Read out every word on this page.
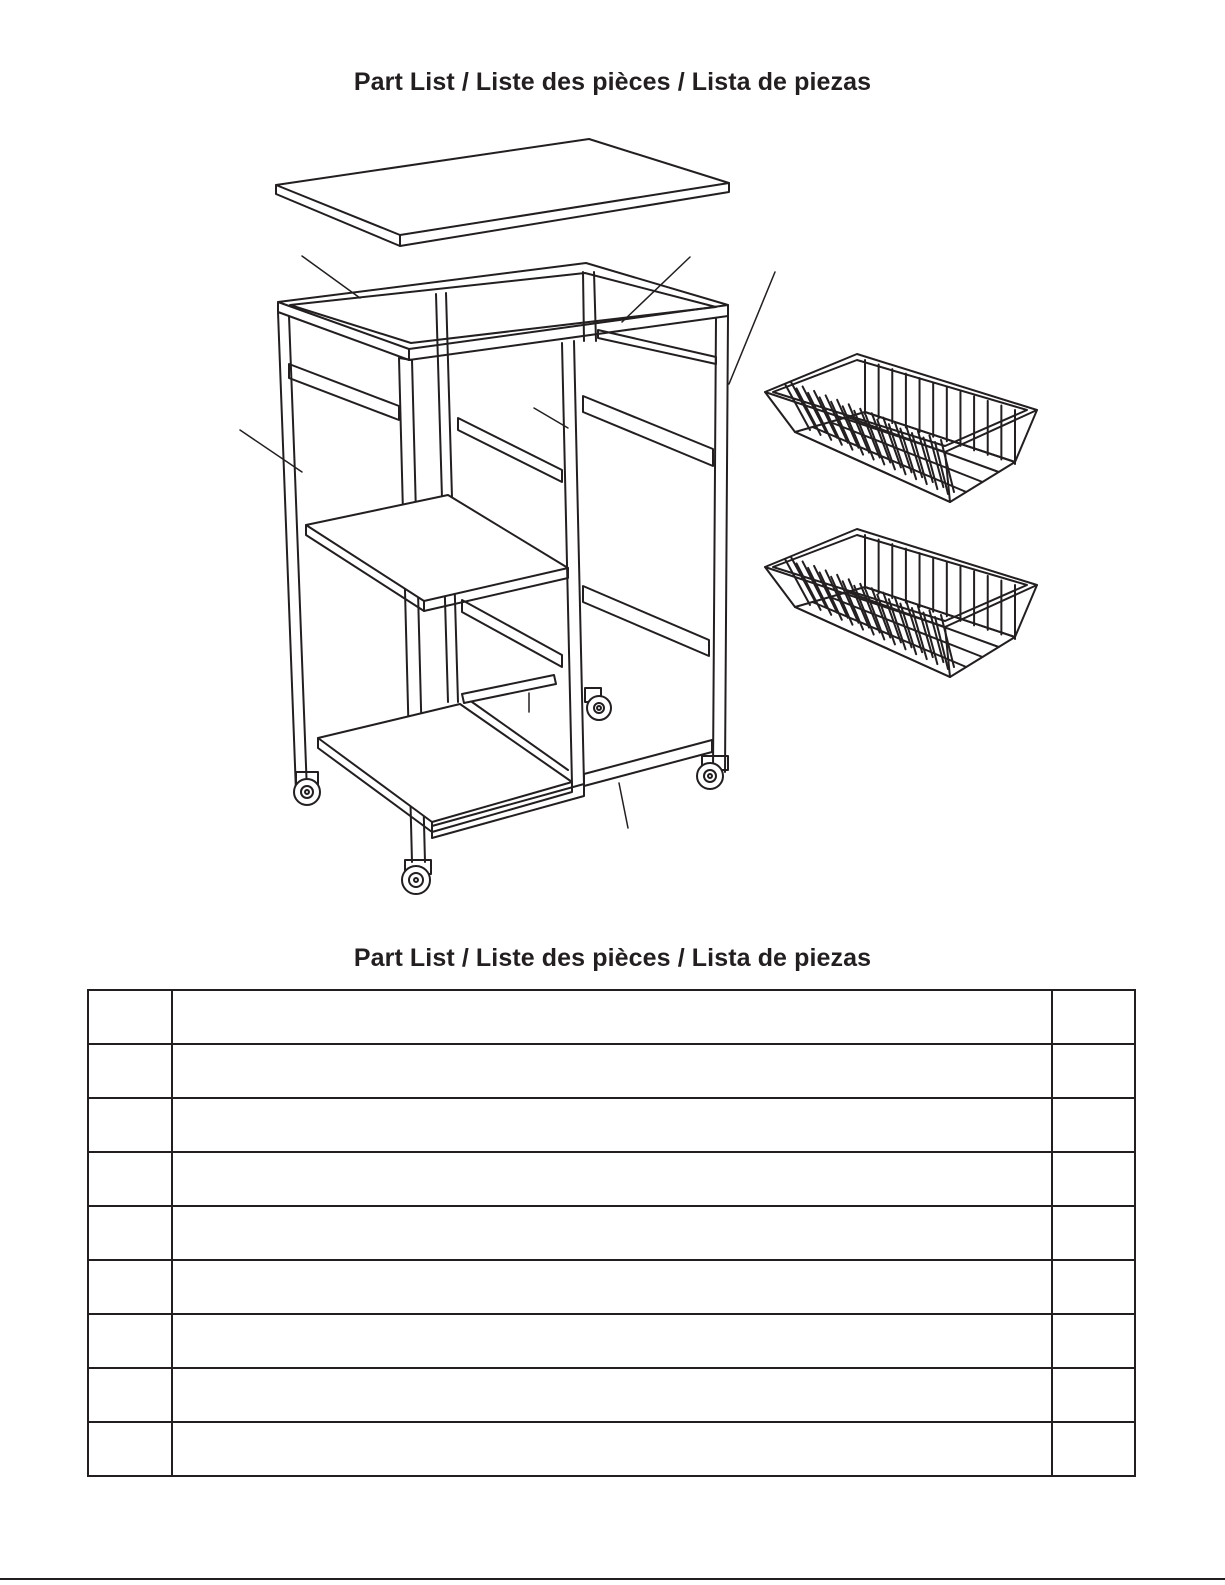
Part List / Liste des pièces / Lista de piezas
Part List / Liste des pièces / Lista de piezas
